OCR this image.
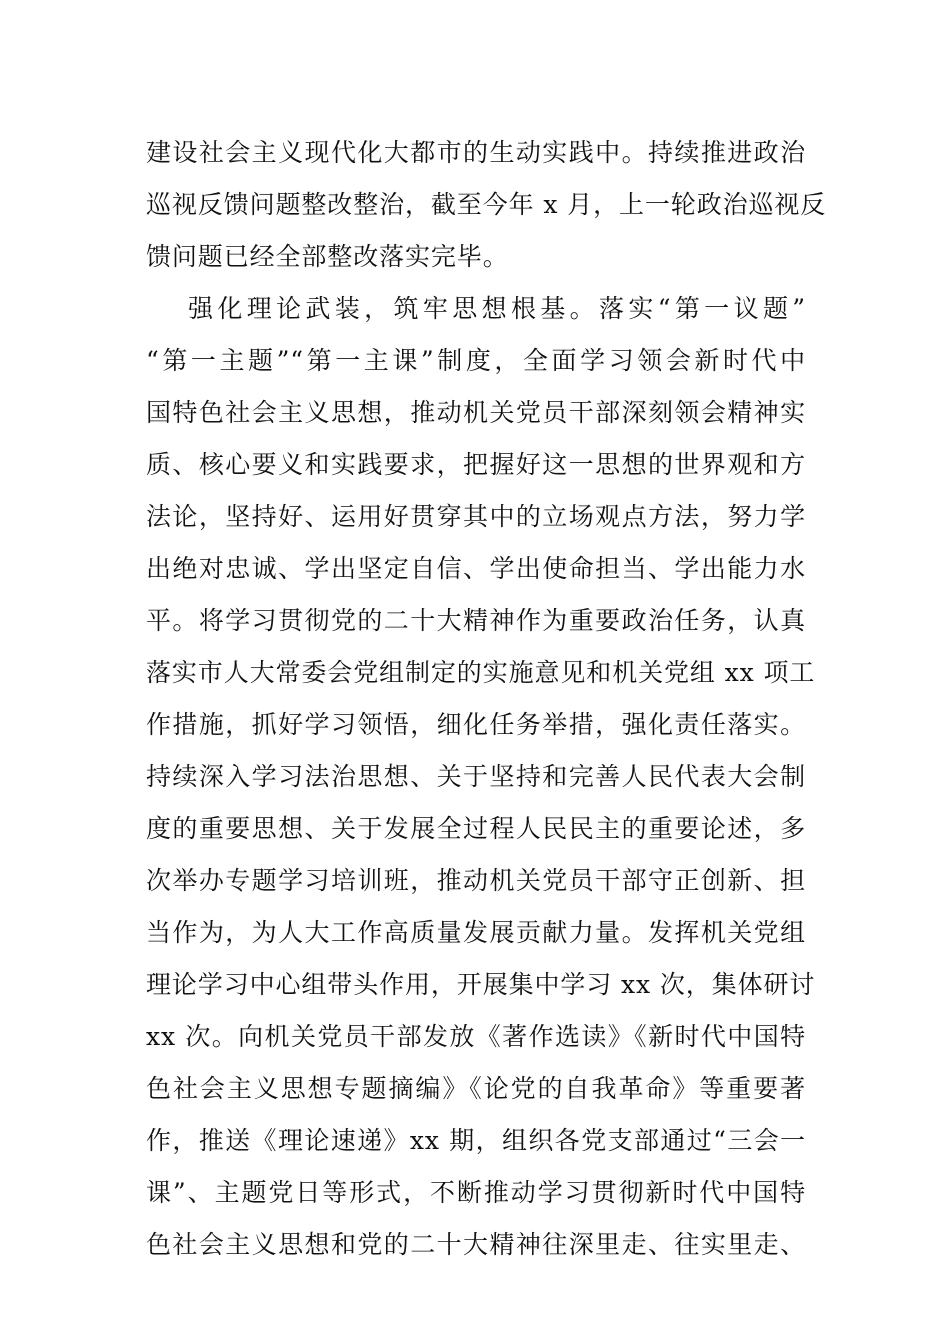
建设社会主义现代化大都市的生动实践中。持续推进政治
巡视反馈问题整改整治，截至今年 x 月，上一轮政治巡视反
馈问题已经全部整改落实完毕。
强化理论武装，筑牢思想根基。落实“第一议题”
“第一主题”“第一主课”制度，全面学习领会新时代中
国特色社会主义思想，推动机关党员干部深刻领会精神实
质、核心要义和实践要求，把握好这一思想的世界观和方
法论，坚持好、运用好贯穿其中的立场观点方法，努力学
出绝对忠诚、学出坚定自信、学出使命担当、学出能力水
平。将学习贯彻党的二十大精神作为重要政治任务，认真
落实市人大常委会党组制定的实施意见和机关党组 xx 项工
作措施，抓好学习领悟，细化任务举措，强化责任落实。
持续深入学习法治思想、关于坚持和完善人民代表大会制
度的重要思想、关于发展全过程人民民主的重要论述，多
次举办专题学习培训班，推动机关党员干部守正创新、担
当作为，为人大工作高质量发展贡献力量。发挥机关党组
理论学习中心组带头作用，开展集中学习 xx 次，集体研讨
xx 次。向机关党员干部发放《著作选读》《新时代中国特
色社会主义思想专题摘编》《论党的自我革命》等重要著
作，推送《理论速递》xx 期，组织各党支部通过“三会一
课”、主题党日等形式，不断推动学习贯彻新时代中国特
色社会主义思想和党的二十大精神往深里走、往实里走、
